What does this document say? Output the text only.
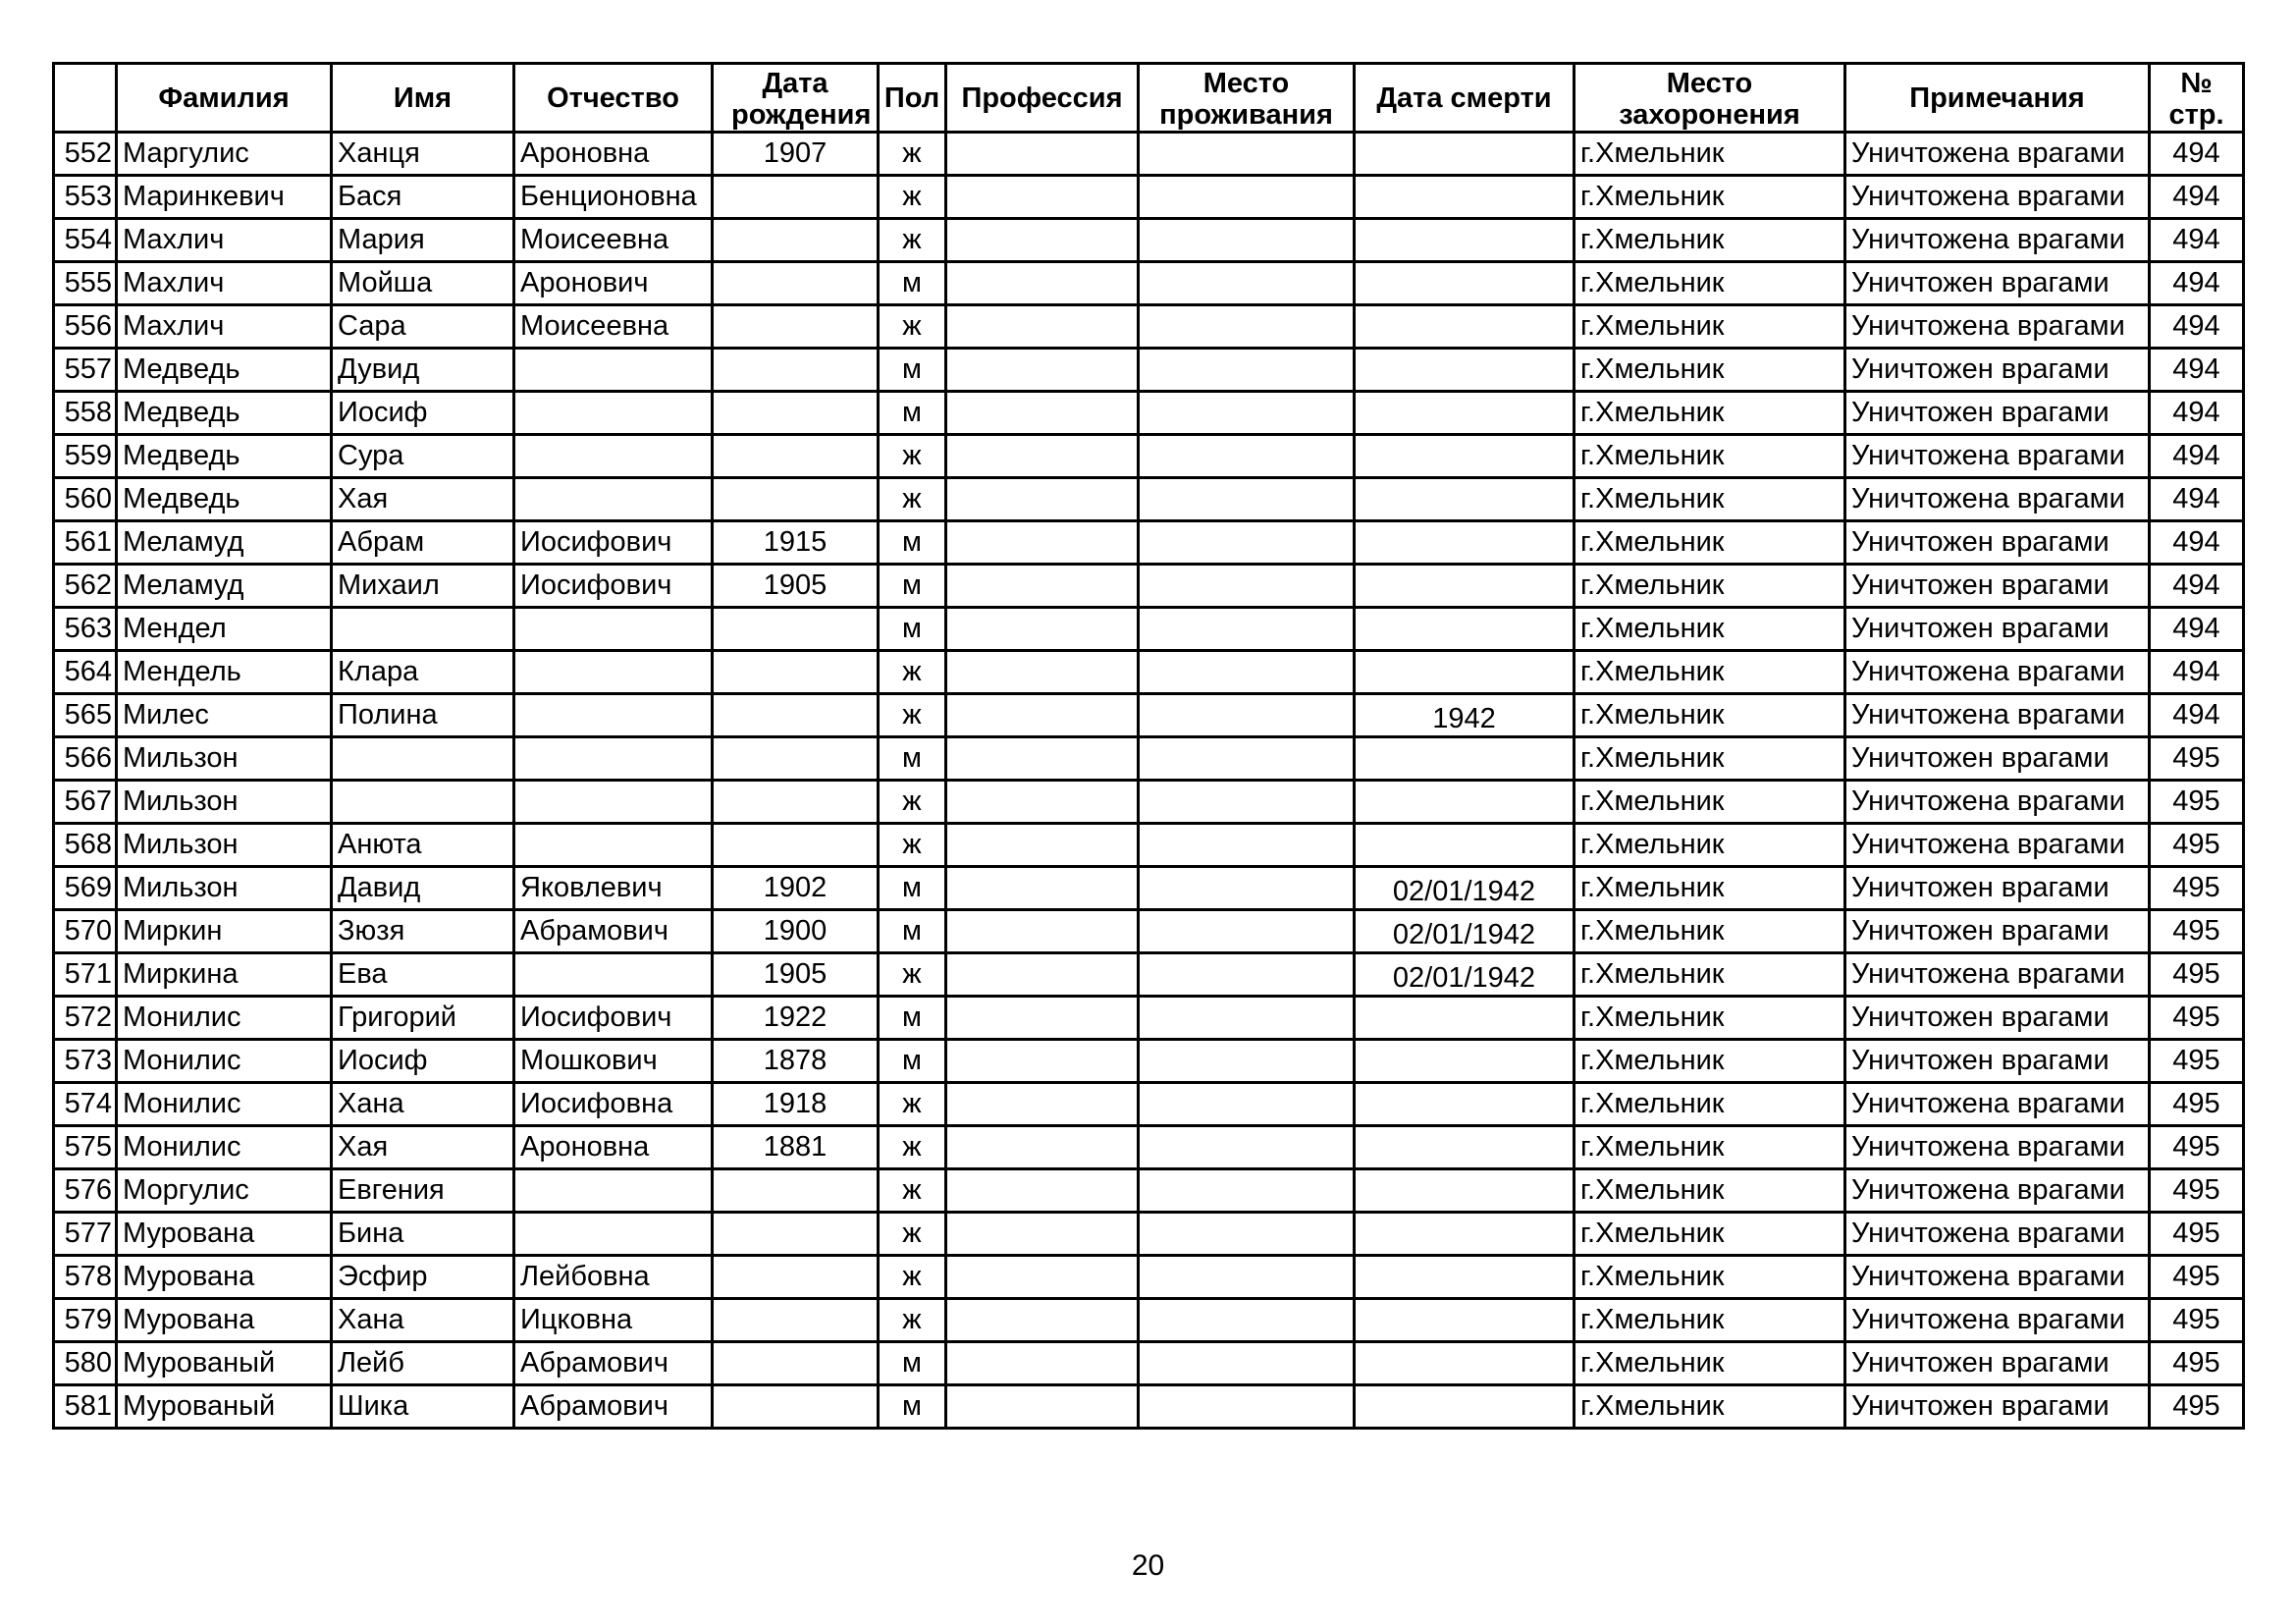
	Фамилия	Имя	Отчество	Дата рождения	Пол	Профессия	Место проживания	Дата смерти	Место захоронения	Примечания	№ стр.

552	Маргулис	Ханця	Ароновна	1907	ж				г.Хмельник	Уничтожена врагами	494
553	Маринкевич	Бася	Бенционовна		ж				г.Хмельник	Уничтожена врагами	494
554	Махлич	Мария	Моисеевна		ж				г.Хмельник	Уничтожена врагами	494
555	Махлич	Мойша	Аронович		м				г.Хмельник	Уничтожен врагами	494
556	Махлич	Сара	Моисеевна		ж				г.Хмельник	Уничтожена врагами	494
557	Медведь	Дувид			м				г.Хмельник	Уничтожен врагами	494
558	Медведь	Иосиф			м				г.Хмельник	Уничтожен врагами	494
559	Медведь	Сура			ж				г.Хмельник	Уничтожена врагами	494
560	Медведь	Хая			ж				г.Хмельник	Уничтожена врагами	494
561	Меламуд	Абрам	Иосифович	1915	м				г.Хмельник	Уничтожен врагами	494
562	Меламуд	Михаил	Иосифович	1905	м				г.Хмельник	Уничтожен врагами	494
563	Мендел				м				г.Хмельник	Уничтожен врагами	494
564	Мендель	Клара			ж				г.Хмельник	Уничтожена врагами	494
565	Милес	Полина			ж			1942	г.Хмельник	Уничтожена врагами	494
566	Мильзон				м				г.Хмельник	Уничтожен врагами	495
567	Мильзон				ж				г.Хмельник	Уничтожена врагами	495
568	Мильзон	Анюта			ж				г.Хмельник	Уничтожена врагами	495
569	Мильзон	Давид	Яковлевич	1902	м			02/01/1942	г.Хмельник	Уничтожен врагами	495
570	Миркин	Зюзя	Абрамович	1900	м			02/01/1942	г.Хмельник	Уничтожен врагами	495
571	Миркина	Ева		1905	ж			02/01/1942	г.Хмельник	Уничтожена врагами	495
572	Монилис	Григорий	Иосифович	1922	м				г.Хмельник	Уничтожен врагами	495
573	Монилис	Иосиф	Мошкович	1878	м				г.Хмельник	Уничтожен врагами	495
574	Монилис	Хана	Иосифовна	1918	ж				г.Хмельник	Уничтожена врагами	495
575	Монилис	Хая	Ароновна	1881	ж				г.Хмельник	Уничтожена врагами	495
576	Моргулис	Евгения			ж				г.Хмельник	Уничтожена врагами	495
577	Мурована	Бина			ж				г.Хмельник	Уничтожена врагами	495
578	Мурована	Эсфир	Лейбовна		ж				г.Хмельник	Уничтожена врагами	495
579	Мурована	Хана	Ицковна		ж				г.Хмельник	Уничтожена врагами	495
580	Мурованый	Лейб	Абрамович		м				г.Хмельник	Уничтожен врагами	495
581	Мурованый	Шика	Абрамович		м				г.Хмельник	Уничтожен врагами	495
20
